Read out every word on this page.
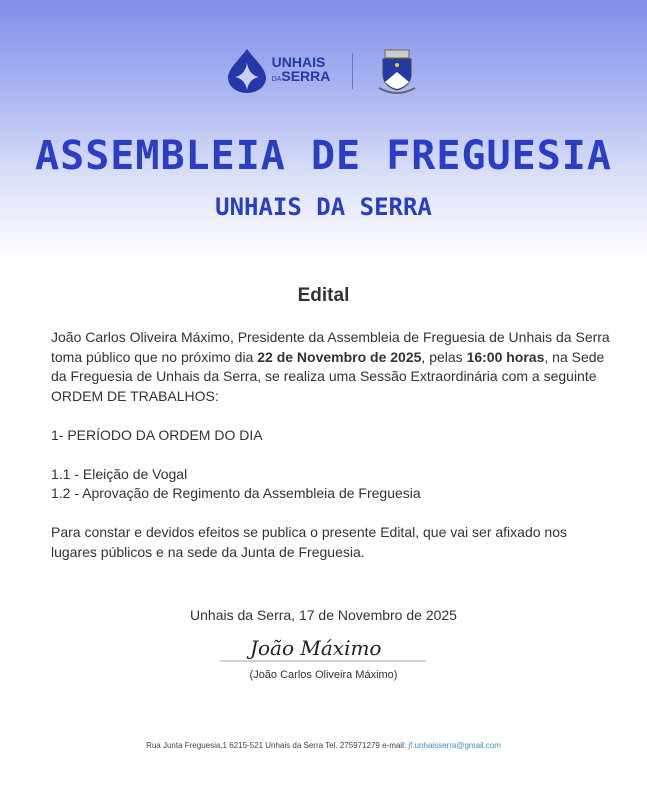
UNHAIS
DASERRA
ASSEMBLEIA DE FREGUESIA
UNHAIS DA SERRA
Edital

João Carlos Oliveira Máximo, Presidente da Assembleia de Freguesia de Unhais da Serra toma público que no próximo dia 22 de Novembro de 2025, pelas 16:00 horas, na Sede da Freguesia de Unhais da Serra, se realiza uma Sessão Extraordinária com a seguinte ORDEM DE TRABALHOS:

1- PERÍODO DA ORDEM DO DIA

1.1 - Eleição de Vogal
1.2 - Aprovação de Regimento da Assembleia de Freguesia

Para constar e devidos efeitos se publica o presente Edital, que vai ser afixado nos lugares públicos e na sede da Junta de Freguesia.

Unhais da Serra, 17 de Novembro de 2025
João Máximo
(João Carlos Oliveira Máximo)
Rua Junta Freguesia,1 6215-521 Unhais da Serra Tel. 275971279 e-mail: jf.unhaisserra@gmail.com
